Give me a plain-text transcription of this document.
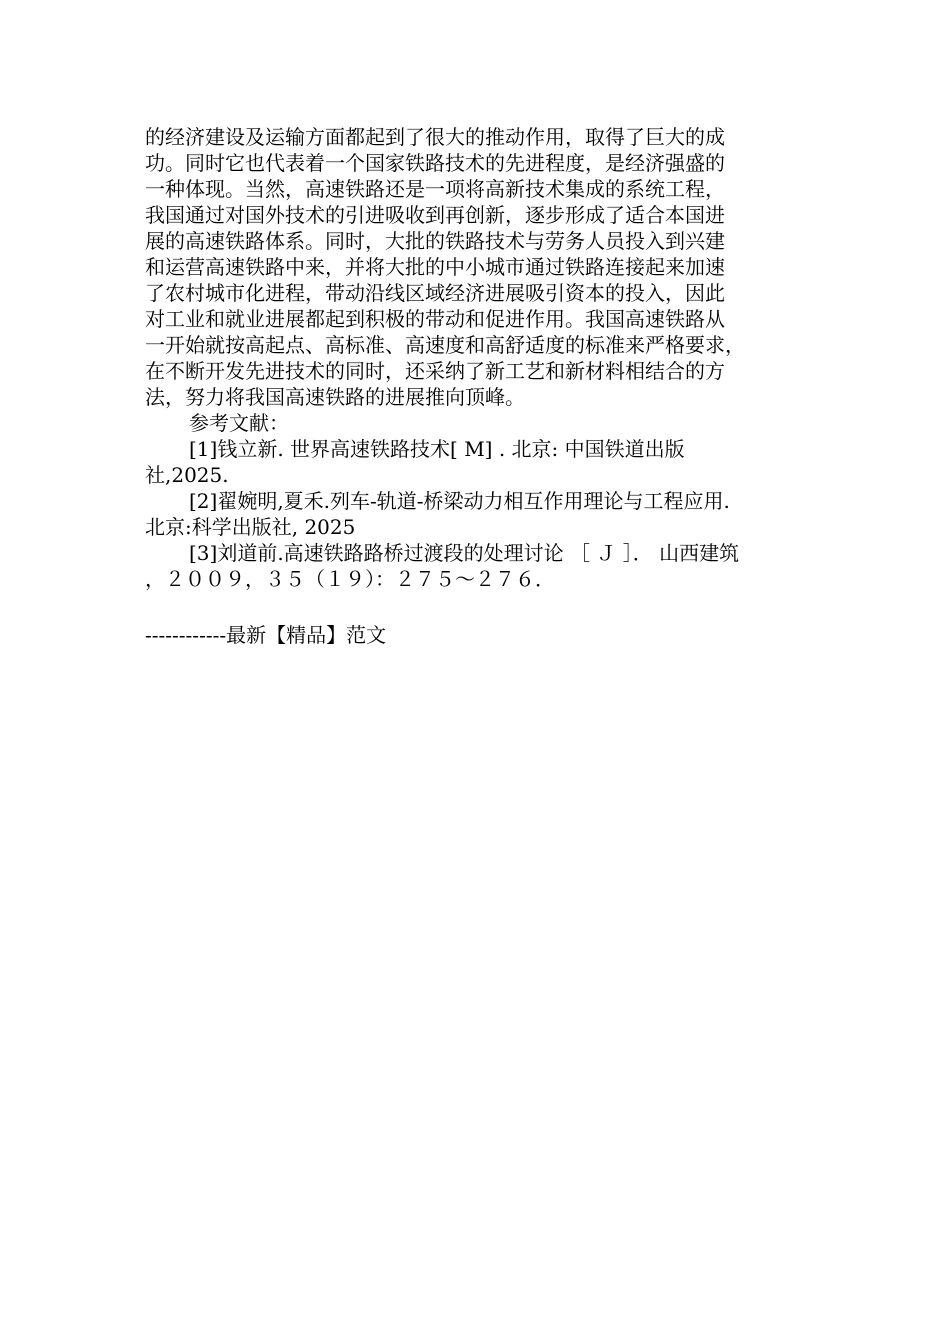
的经济建设及运输方面都起到了很大的推动作用，取得了巨大的成
功。同时它也代表着一个国家铁路技术的先进程度，是经济强盛的
一种体现。当然，高速铁路还是一项将高新技术集成的系统工程，
我国通过对国外技术的引进吸收到再创新，逐步形成了适合本国进
展的高速铁路体系。同时，大批的铁路技术与劳务人员投入到兴建
和运营高速铁路中来，并将大批的中小城市通过铁路连接起来加速
了农村城市化进程，带动沿线区域经济进展吸引资本的投入，因此
对工业和就业进展都起到积极的带动和促进作用。我国高速铁路从
一开始就按高起点、高标准、高速度和高舒适度的标准来严格要求，
在不断开发先进技术的同时，还采纳了新工艺和新材料相结合的方
法，努力将我国高速铁路的进展推向顶峰。
参考文献：
[1]钱立新. 世界高速铁路技术[ M] . 北京: 中国铁道出版
社,2025.
[2]翟婉明,夏禾.列车-轨道-桥梁动力相互作用理论与工程应用.
北京:科学出版社, 2025
[3]刘道前.高速铁路路桥过渡段的处理讨论 ［ Ｊ ］． 山西建筑
，２００９，３５（１９）：２７５～２７６．
------------最新【精品】范文
